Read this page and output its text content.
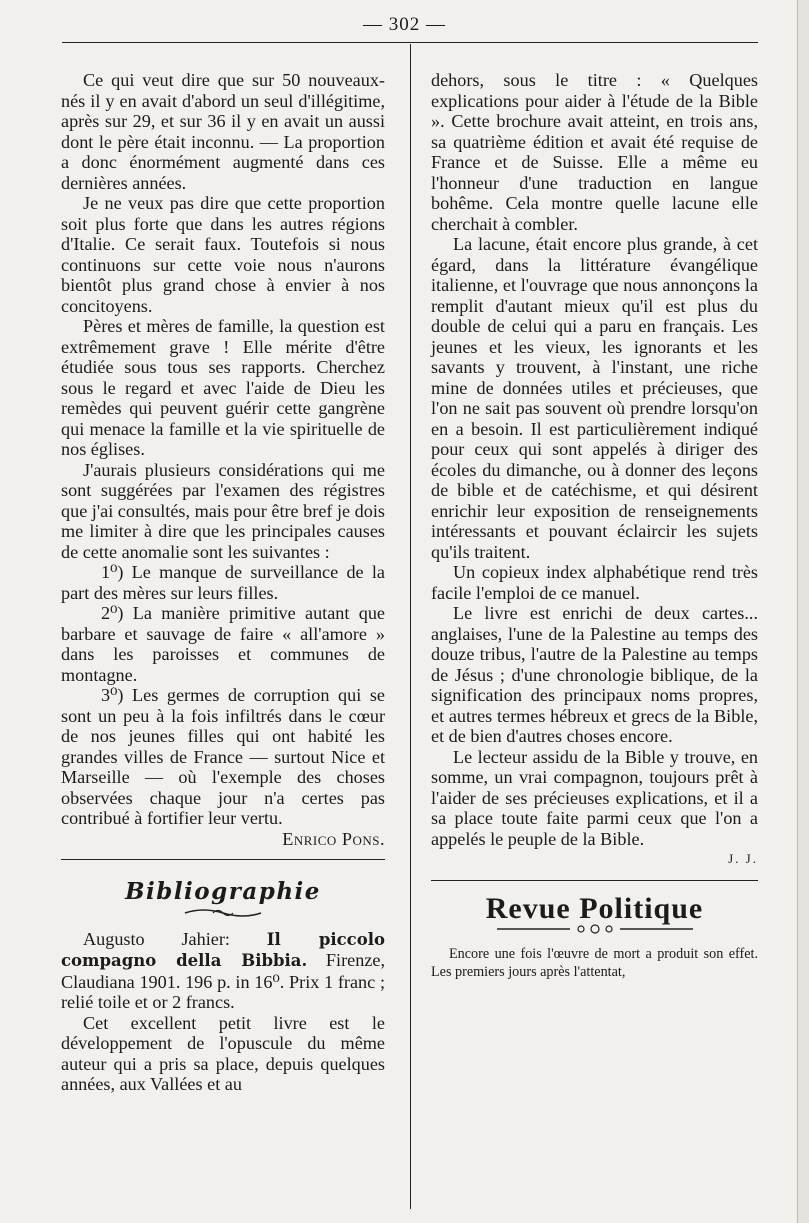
— 302 —

Ce qui veut dire que sur 50 nouveaux-nés il y en avait d'abord un seul d'illégitime, après sur 29, et sur 36 il y en avait un aussi dont le père était inconnu. — La proportion a donc énormément augmenté dans ces dernières années.

Je ne veux pas dire que cette proportion soit plus forte que dans les autres régions d'Italie. Ce serait faux. Toutefois si nous continuons sur cette voie nous n'aurons bientôt plus grand chose à envier à nos concitoyens.

Pères et mères de famille, la question est extrêmement grave ! Elle mérite d'être étudiée sous tous ses rapports. Cherchez sous le regard et avec l'aide de Dieu les remèdes qui peuvent guérir cette gangrène qui menace la famille et la vie spirituelle de nos églises.

J'aurais plusieurs considérations qui me sont suggérées par l'examen des régistres que j'ai consultés, mais pour être bref je dois me limiter à dire que les principales causes de cette anomalie sont les suivantes :

1⁰) Le manque de surveillance de la part des mères sur leurs filles.

2⁰) La manière primitive autant que barbare et sauvage de faire « all'amore » dans les paroisses et communes de montagne.

3⁰) Les germes de corruption qui se sont un peu à la fois infiltrés dans le cœur de nos jeunes filles qui ont habité les grandes villes de France — surtout Nice et Marseille — où l'exemple des choses observées chaque jour n'a certes pas contribué à fortifier leur vertu.

Enrico Pons.

Bibliographie

Augusto Jahier: Il piccolo compagno della Bibbia. Firenze, Claudiana 1901. 196 p. in 16⁰. Prix 1 franc ; relié toile et or 2 francs.

Cet excellent petit livre est le développement de l'opuscule du même auteur qui a pris sa place, depuis quelques années, aux Vallées et au

dehors, sous le titre : « Quelques explications pour aider à l'étude de la Bible ». Cette brochure avait atteint, en trois ans, sa quatrième édition et avait été requise de France et de Suisse. Elle a même eu l'honneur d'une traduction en langue bohême. Cela montre quelle lacune elle cherchait à combler.

La lacune, était encore plus grande, à cet égard, dans la littérature évangélique italienne, et l'ouvrage que nous annonçons la remplit d'autant mieux qu'il est plus du double de celui qui a paru en français. Les jeunes et les vieux, les ignorants et les savants y trouvent, à l'instant, une riche mine de données utiles et précieuses, que l'on ne sait pas souvent où prendre lorsqu'on en a besoin. Il est particulièrement indiqué pour ceux qui sont appelés à diriger des écoles du dimanche, ou à donner des leçons de bible et de catéchisme, et qui désirent enrichir leur exposition de renseignements intéressants et pouvant éclaircir les sujets qu'ils traitent.

Un copieux index alphabétique rend très facile l'emploi de ce manuel.

Le livre est enrichi de deux cartes... anglaises, l'une de la Palestine au temps des douze tribus, l'autre de la Palestine au temps de Jésus ; d'une chronologie biblique, de la signification des principaux noms propres, et autres termes hébreux et grecs de la Bible, et de bien d'autres choses encore.

Le lecteur assidu de la Bible y trouve, en somme, un vrai compagnon, toujours prêt à l'aider de ses précieuses explications, et il a sa place toute faite parmi ceux que l'on a appelés le peuple de la Bible.

J. J.

Revue Politique

Encore une fois l'œuvre de mort a produit son effet. Les premiers jours après l'attentat,
